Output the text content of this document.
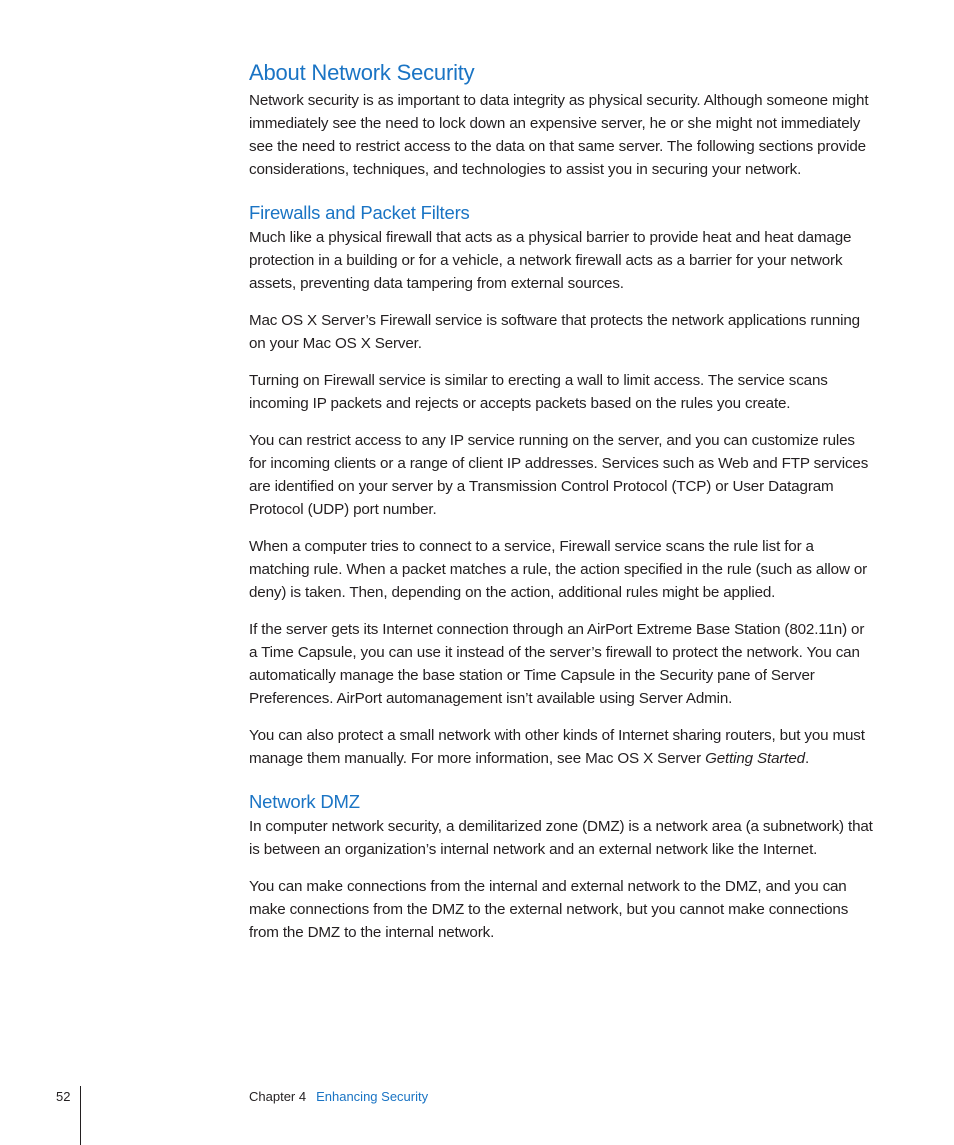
About Network Security

Network security is as important to data integrity as physical security. Although someone might immediately see the need to lock down an expensive server, he or she might not immediately see the need to restrict access to the data on that same server. The following sections provide considerations, techniques, and technologies to assist you in securing your network.

Firewalls and Packet Filters

Much like a physical firewall that acts as a physical barrier to provide heat and heat damage protection in a building or for a vehicle, a network firewall acts as a barrier for your network assets, preventing data tampering from external sources.

Mac OS X Server’s Firewall service is software that protects the network applications running on your Mac OS X Server.

Turning on Firewall service is similar to erecting a wall to limit access. The service scans incoming IP packets and rejects or accepts packets based on the rules you create.

You can restrict access to any IP service running on the server, and you can customize rules for incoming clients or a range of client IP addresses. Services such as Web and FTP services are identified on your server by a Transmission Control Protocol (TCP) or User Datagram Protocol (UDP) port number.

When a computer tries to connect to a service, Firewall service scans the rule list for a matching rule. When a packet matches a rule, the action specified in the rule (such as allow or deny) is taken. Then, depending on the action, additional rules might be applied.

If the server gets its Internet connection through an AirPort Extreme Base Station (802.11n) or a Time Capsule, you can use it instead of the server’s firewall to protect the network. You can automatically manage the base station or Time Capsule in the Security pane of Server Preferences. AirPort automanagement isn’t available using Server Admin.

You can also protect a small network with other kinds of Internet sharing routers, but you must manage them manually. For more information, see Mac OS X Server Getting Started.

Network DMZ

In computer network security, a demilitarized zone (DMZ) is a network area (a subnetwork) that is between an organization’s internal network and an external network like the Internet.

You can make connections from the internal and external network to the DMZ, and you can make connections from the DMZ to the external network, but you cannot make connections from the DMZ to the internal network.

52	Chapter 4 Enhancing Security
